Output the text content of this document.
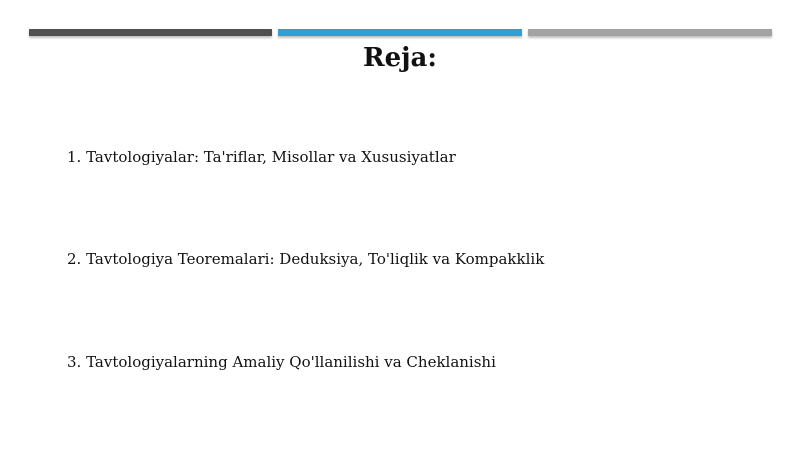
Reja:
1. Tavtologiyalar: Ta'riflar, Misollar va Xususiyatlar
2. Tavtologiya Teoremalari: Deduksiya, To'liqlik va Kompakklik
3. Tavtologiyalarning Amaliy Qo'llanilishi va Cheklanishi
